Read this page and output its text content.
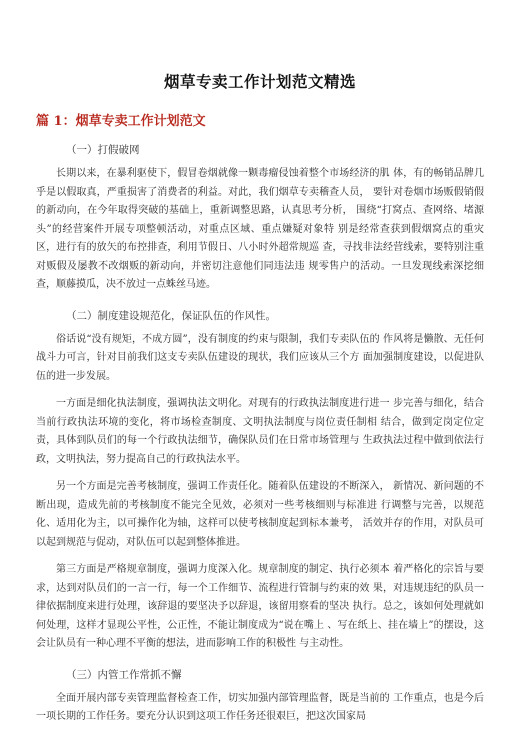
烟草专卖工作计划范文精选
篇 1：烟草专卖工作计划范文

（一）打假破网

长期以来，在暴利驱使下，假冒卷烟就像一颗毒瘤侵蚀着整个市场经济的肌 体，有的畅销品牌几乎是以假取真，严重损害了消费者的利益。对此，我们烟草专卖稽查人员， 要针对卷烟市场贩假销假的新动向，在今年取得突破的基础上，重新调整思路，认真思考分析， 围绕“打窝点、查网络、堵源头”的经营案件开展专项整顿活动，对重点区域、重点嫌疑对象特 别是经常查获到假烟窝点的重灾区，进行有的放矢的布控排查，利用节假日、八小时外超常规巡 查，寻找非法经营线索，要特别注重对贩假及屡教不改烟贩的新动向，并密切注意他们同违法违 规零售户的活动。一旦发现线索深挖细查，顺藤摸瓜，决不放过一点蛛丝马迹。

（二）制度建设规范化，保证队伍的作风性。

俗话说“没有规矩，不成方圆”，没有制度的约束与限制，我们专卖队伍的 作风将是懒散、无任何战斗力可言，针对目前我们这支专卖队伍建设的现状，我们应该从三个方 面加强制度建设，以促进队伍的进一步发展。

一方面是细化执法制度，强调执法文明化。对现有的行政执法制度进行进一 步完善与细化，结合当前行政执法环境的变化，将市场检查制度、文明执法制度与岗位责任制相 结合，做到定岗定位定责，具体到队员们的每一个行政执法细节，确保队员们在日常市场管理与 生政执法过程中做到依法行政，文明执法，努力提高自己的行政执法水平。

另一个方面是完善考核制度，强调工作责任化。随着队伍建设的不断深入， 新情况、新问题的不断出现，造成先前的考核制度不能完全见效，必须对一些考核细则与标准进 行调整与完善，以规范化、适用化为主，以可操作化为轴，这样可以使考核制度起到标本兼考， 活效并存的作用，对队员可以起到规范与促动，对队伍可以起到整体推进。

第三方面是严格规章制度，强调力度深入化。规章制度的制定、执行必须本 着严格化的宗旨与要求，达到对队员们的一言一行，每一个工作细节、流程进行管制与约束的效 果，对违规违纪的队员一律依据制度来进行处理，该辞退的要坚决予以辞退，该留用察看的坚决 执行。总之，该如何处理就如何处理，这样才显现公平性，公正性，不能让制度成为“说在嘴上 、写在纸上、挂在墙上”的摆设，这会让队员有一种心理不平衡的想法，进而影响工作的积极性 与主动性。

（三）内管工作常抓不懈

全面开展内部专卖管理监督检查工作，切实加强内部管理监督，既是当前的 工作重点，也是今后一项长期的工作任务。要充分认识到这项工作任务还很艰巨，把这次国家局
